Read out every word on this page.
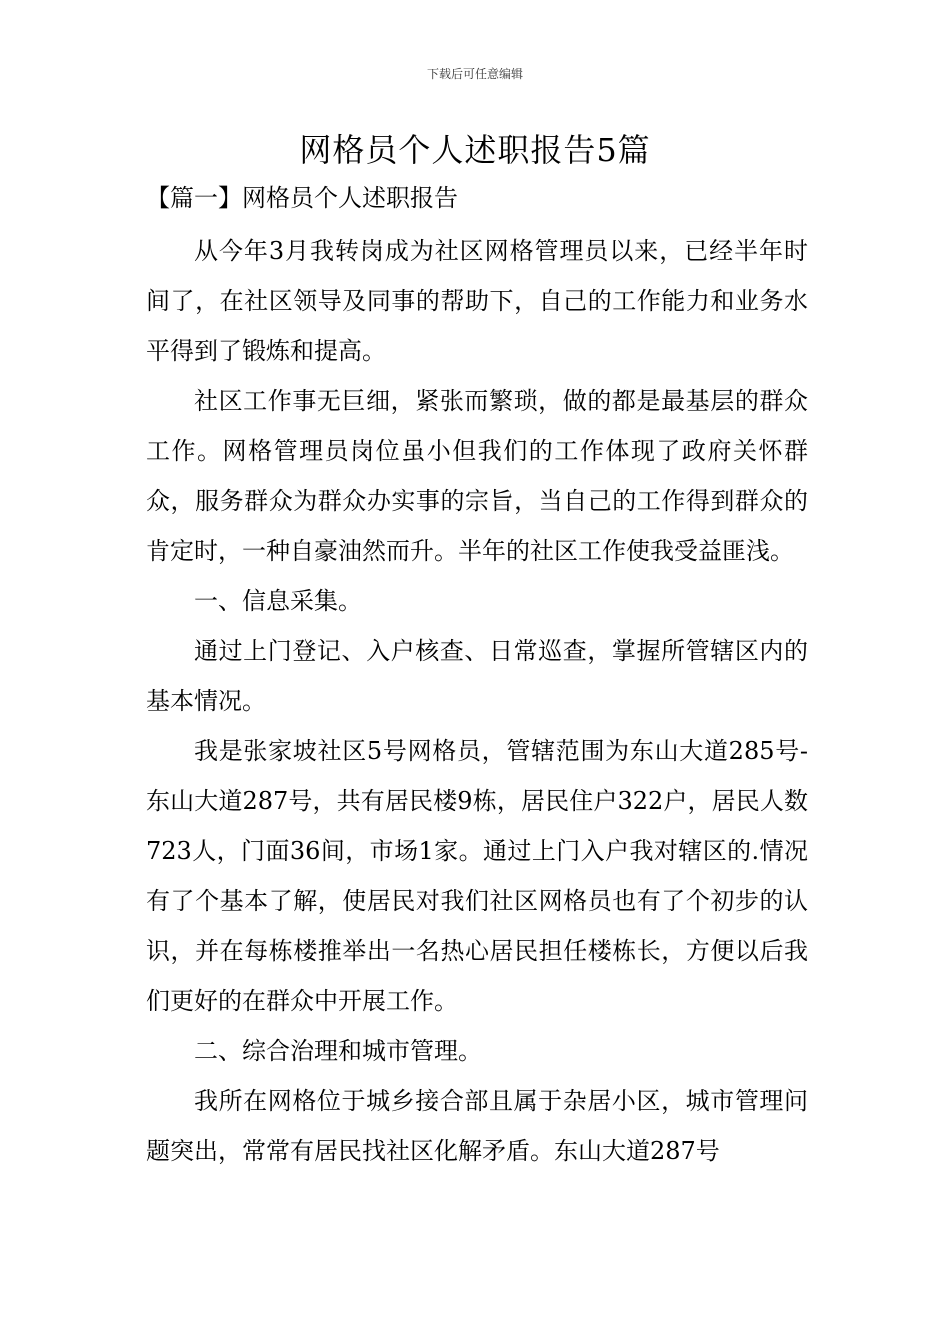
下载后可任意编辑
网格员个人述职报告5篇
【篇一】网格员个人述职报告

从今年3月我转岗成为社区网格管理员以来，已经半年时间了，在社区领导及同事的帮助下，自己的工作能力和业务水平得到了锻炼和提高。

社区工作事无巨细，紧张而繁琐，做的都是最基层的群众工作。网格管理员岗位虽小但我们的工作体现了政府关怀群众，服务群众为群众办实事的宗旨，当自己的工作得到群众的肯定时，一种自豪油然而升。半年的社区工作使我受益匪浅。

一、信息采集。

通过上门登记、入户核查、日常巡查，掌握所管辖区内的基本情况。

我是张家坡社区5号网格员，管辖范围为东山大道285号-东山大道287号，共有居民楼9栋，居民住户322户，居民人数723人，门面36间，市场1家。通过上门入户我对辖区的.情况有了个基本了解，使居民对我们社区网格员也有了个初步的认识，并在每栋楼推举出一名热心居民担任楼栋长，方便以后我们更好的在群众中开展工作。

二、综合治理和城市管理。

我所在网格位于城乡接合部且属于杂居小区，城市管理问题突出，常常有居民找社区化解矛盾。东山大道287号
